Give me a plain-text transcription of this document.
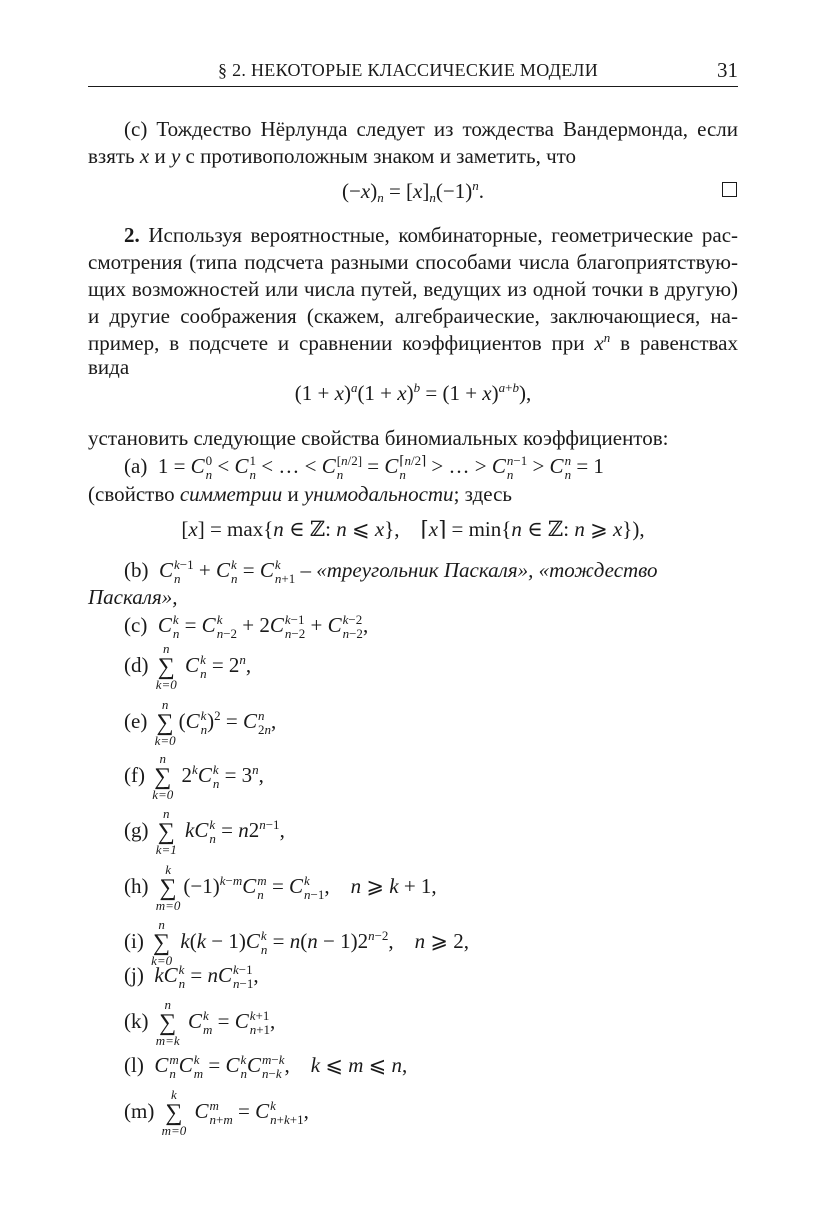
§ 2. НЕКОТОРЫЕ КЛАССИЧЕСКИЕ МОДЕЛИ	31
(c) Тождество Нёрлунда следует из тождества Вандермонда, если
взять x и y с противоположным знаком и заметить, что
$(-x)_n = [x]_n(-1)^n$.
2. Используя вероятностные, комбинаторные, геометрические рас-
смотрения (типа подсчета разными способами числа благоприятствую-
щих возможностей или числа путей, ведущих из одной точки в другую)
и другие соображения (скажем, алгебраические, заключающиеся, на-
пример, в подсчете и сравнении коэффициентов при $x^n$ в равенствах
вида
$(1 + x)^a(1 + x)^b = (1 + x)^{a+b}$),
установить следующие свойства биномиальных коэффициентов:
(a)  1 = C 0
n < C 1
n < … < C [n/2]
n = C ⌈n/2⌉
n > … > C n−1
n > C n
n = 1
(свойство симметрии и унимодальности; здесь
[x] = max{n ∈ ℤ: n ⩽ x},    ⌈x⌉ = min{n ∈ ℤ: n ⩾ x}),
(b) C k−1
n + C k
n = C k
n+1 – «треугольник Паскаля», «тождество
Паскаля»,
(c) C k
n = C k
n−2 + 2C k−1
n−2 + C k−2
n−2 ,
(d)
n
∑
k=0
C k
$n = 2^n$,
(e)
n
∑
k=0
(C k
n )$^2$ = C n
2n ,
(f)
n
∑
k=0
2$^k$C k
$n = 3^n$,
(g)
n
∑
k=1
kC k
$n = n2^{n-1}$,
(h)
k
∑
m=0
$(-1)^{k-m}C$ m
n = C k
n−1 ,    n ⩾ k + 1,
(i)
n
∑
k=0
k(k − 1)C k
$n = n(n - 1)2^{n-2}$,    n ⩾ 2,
(j) kC k
n = nC k−1
n−1 ,
(k)
n
∑
m=k
C k
m = C k+1
n+1 ,
(l) C m
n C k
m = C k
n C m−k
n−k ,    k ⩽ m ⩽ n,
(m)
k
∑
m=0
C m
n+m = C k
n+k+1 ,
